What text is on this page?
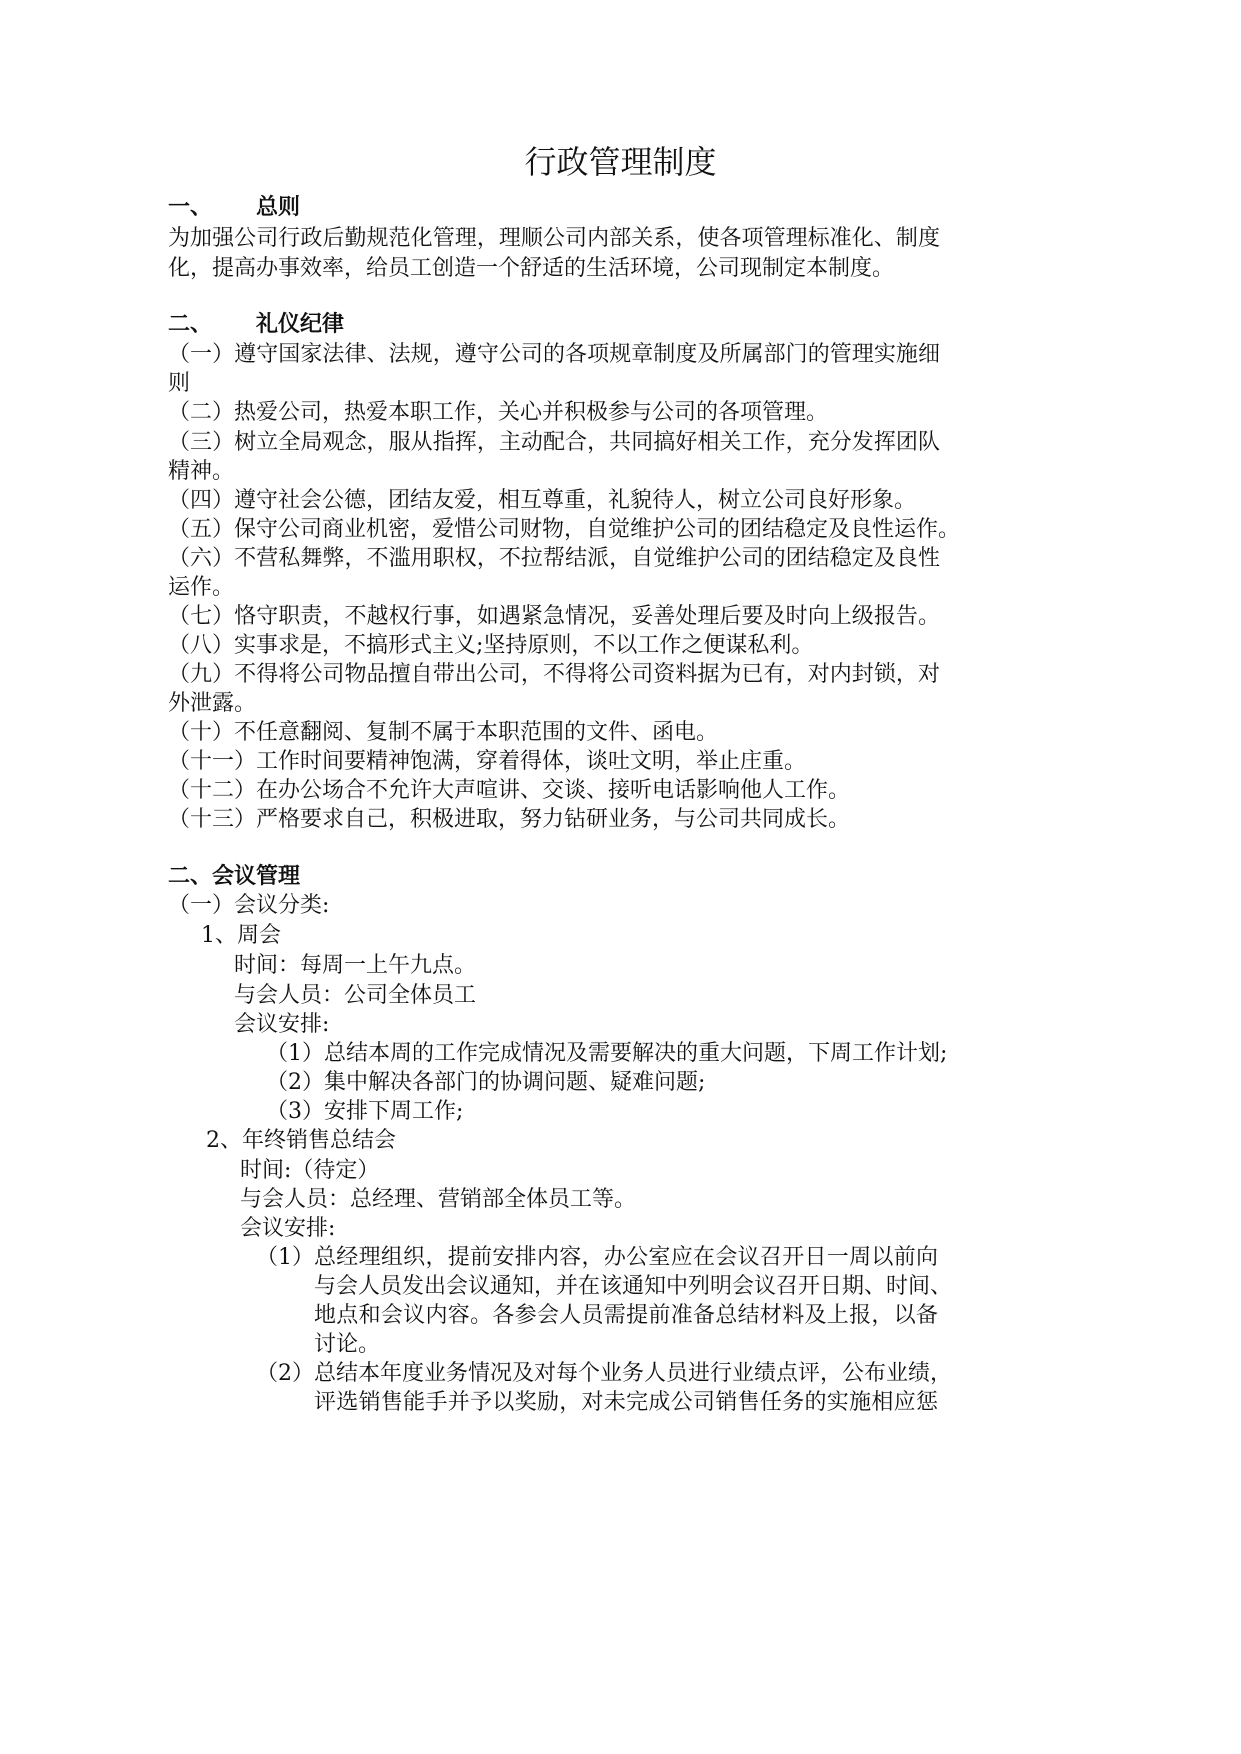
行政管理制度
一、 总则
为加强公司行政后勤规范化管理，理顺公司内部关系，使各项管理标准化、制度
化，提高办事效率，给员工创造一个舒适的生活环境，公司现制定本制度。
二、 礼仪纪律
（一）遵守国家法律、法规，遵守公司的各项规章制度及所属部门的管理实施细
则
（二）热爱公司，热爱本职工作，关心并积极参与公司的各项管理。
（三）树立全局观念，服从指挥，主动配合，共同搞好相关工作，充分发挥团队
精神。
（四）遵守社会公德，团结友爱，相互尊重，礼貌待人，树立公司良好形象。
（五）保守公司商业机密，爱惜公司财物，自觉维护公司的团结稳定及良性运作。
（六）不营私舞弊，不滥用职权，不拉帮结派，自觉维护公司的团结稳定及良性
运作。
（七）恪守职责，不越权行事，如遇紧急情况，妥善处理后要及时向上级报告。
（八）实事求是，不搞形式主义;坚持原则，不以工作之便谋私利。
（九）不得将公司物品擅自带出公司，不得将公司资料据为已有，对内封锁，对
外泄露。
（十）不任意翻阅、复制不属于本职范围的文件、函电。
（十一）工作时间要精神饱满，穿着得体，谈吐文明，举止庄重。
（十二）在办公场合不允许大声喧讲、交谈、接听电话影响他人工作。
（十三）严格要求自己，积极进取，努力钻研业务，与公司共同成长。
二、会议管理
（一）会议分类:
1、周会
时间：每周一上午九点。
与会人员：公司全体员工
会议安排:
（1） 总结本周的工作完成情况及需要解决的重大问题，下周工作计划;
（2） 集中解决各部门的协调问题、疑难问题;
（3） 安排下周工作;
2、年终销售总结会
时间:（待定）
与会人员：总经理、营销部全体员工等。
会议安排:
（1） 总经理组织，提前安排内容，办公室应在会议召开日一周以前向
与会人员发出会议通知，并在该通知中列明会议召开日期、时间、
地点和会议内容。各参会人员需提前准备总结材料及上报，以备
讨论。
（2） 总结本年度业务情况及对每个业务人员进行业绩点评，公布业绩，
评选销售能手并予以奖励，对未完成公司销售任务的实施相应惩
